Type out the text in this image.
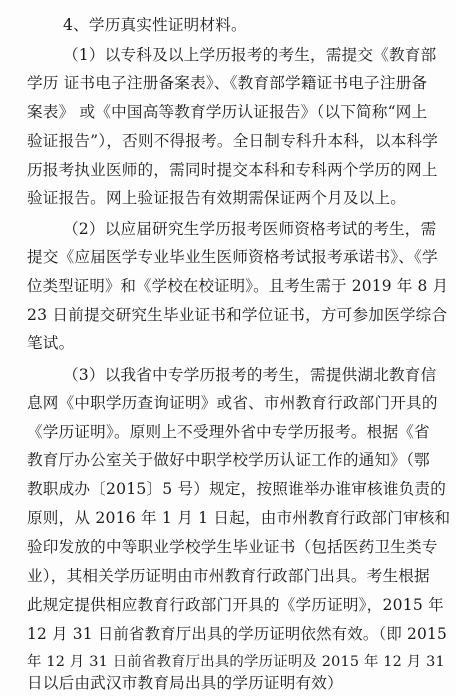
4、学历真实性证明材料。
（1）以专科及以上学历报考的考生，需提交《教育部
学历 证书电子注册备案表》、《教育部学籍证书电子注册备
案表》 或《中国高等教育学历认证报告》（以下简称“网上
验证报告”），否则不得报考。全日制专科升本科，以本科学
历报考执业医师的，需同时提交本科和专科两个学历的网上
验证报告。网上验证报告有效期需保证两个月及以上。
（2）以应届研究生学历报考医师资格考试的考生，需
提交《应届医学专业毕业生医师资格考试报考承诺书》、《学
位类型证明》和《学校在校证明》。且考生需于 2019 年 8 月
23 日前提交研究生毕业证书和学位证书，方可参加医学综合
笔试。
（3）以我省中专学历报考的考生，需提供湖北教育信
息网《中职学历查询证明》或省、市州教育行政部门开具的
《学历证明》。原则上不受理外省中专学历报考。根据《省
教育厅办公室关于做好中职学校学历认证工作的通知》（鄂
教职成办〔2015〕5 号）规定，按照谁举办谁审核谁负责的
原则，从 2016 年 1 月 1 日起，由市州教育行政部门审核和
验印发放的中等职业学校学生毕业证书（包括医药卫生类专
业），其相关学历证明由市州教育行政部门出具。考生根据
此规定提供相应教育行政部门开具的《学历证明》，2015 年
12 月 31 日前省教育厅出具的学历证明依然有效。（即 2015
年 12 月 31 日前省教育厅出具的学历证明及 2015 年 12 月 31
日以后由武汉市教育局出具的学历证明有效）
